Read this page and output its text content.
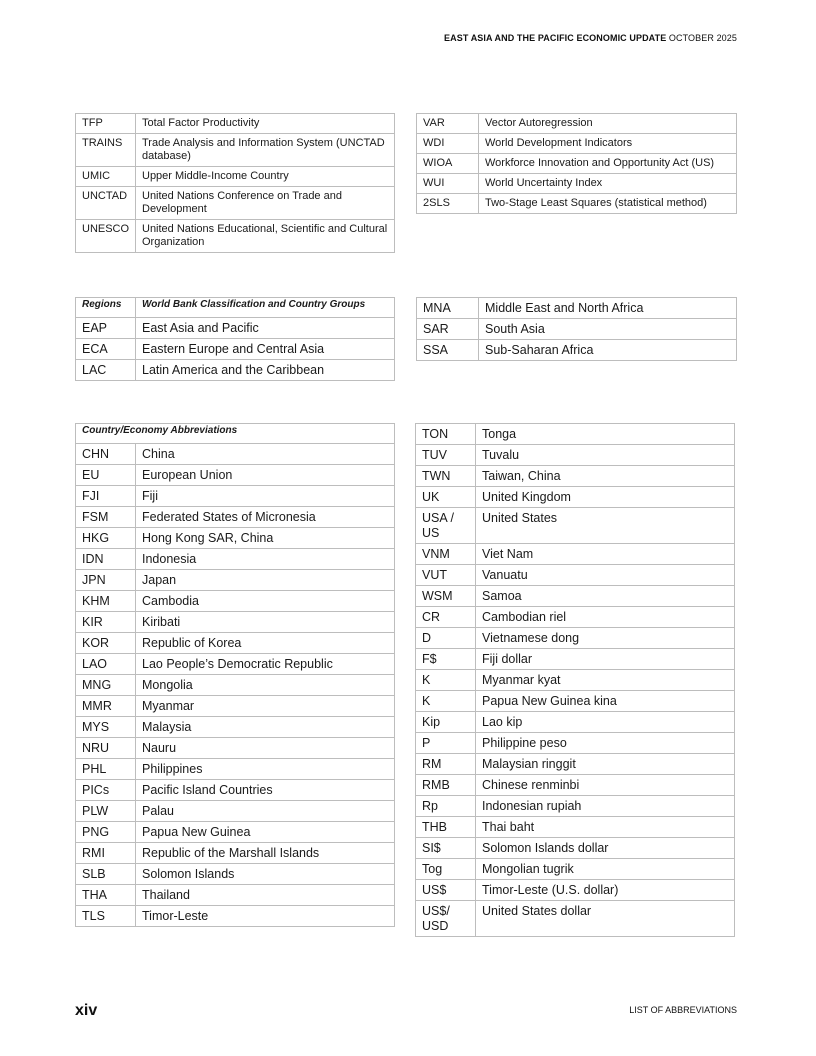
EAST ASIA AND THE PACIFIC ECONOMIC UPDATE OCTOBER 2025
TFP	Total Factor Productivity
TRAINS	Trade Analysis and Information System (UNCTAD database)
UMIC	Upper Middle-Income Country
UNCTAD	United Nations Conference on Trade and Development
UNESCO	United Nations Educational, Scientific and Cultural Organization
VAR	Vector Autoregression
WDI	World Development Indicators
WIOA	Workforce Innovation and Opportunity Act (US)
WUI	World Uncertainty Index
2SLS	Two-Stage Least Squares (statistical method)
Regions	World Bank Classification and Country Groups
EAP	East Asia and Pacific
ECA	Eastern Europe and Central Asia
LAC	Latin America and the Caribbean
MNA	Middle East and North Africa
SAR	South Asia
SSA	Sub-Saharan Africa
Country/Economy Abbreviations	
CHN	China
EU	European Union
FJI	Fiji
FSM	Federated States of Micronesia
HKG	Hong Kong SAR, China
IDN	Indonesia
JPN	Japan
KHM	Cambodia
KIR	Kiribati
KOR	Republic of Korea
LAO	Lao People’s Democratic Republic
MNG	Mongolia
MMR	Myanmar
MYS	Malaysia
NRU	Nauru
PHL	Philippines
PICs	Pacific Island Countries
PLW	Palau
PNG	Papua New Guinea
RMI	Republic of the Marshall Islands
SLB	Solomon Islands
THA	Thailand
TLS	Timor-Leste
TON	Tonga
TUV	Tuvalu
TWN	Taiwan, China
UK	United Kingdom
USA / US	United States
VNM	Viet Nam
VUT	Vanuatu
WSM	Samoa
CR	Cambodian riel
D	Vietnamese dong
F$	Fiji dollar
K	Myanmar kyat
K	Papua New Guinea kina
Kip	Lao kip
P	Philippine peso
RM	Malaysian ringgit
RMB	Chinese renminbi
Rp	Indonesian rupiah
THB	Thai baht
SI$	Solomon Islands dollar
Tog	Mongolian tugrik
US$	Timor-Leste (U.S. dollar)
US$/ USD	United States dollar
xiv	LIST OF ABBREVIATIONS
